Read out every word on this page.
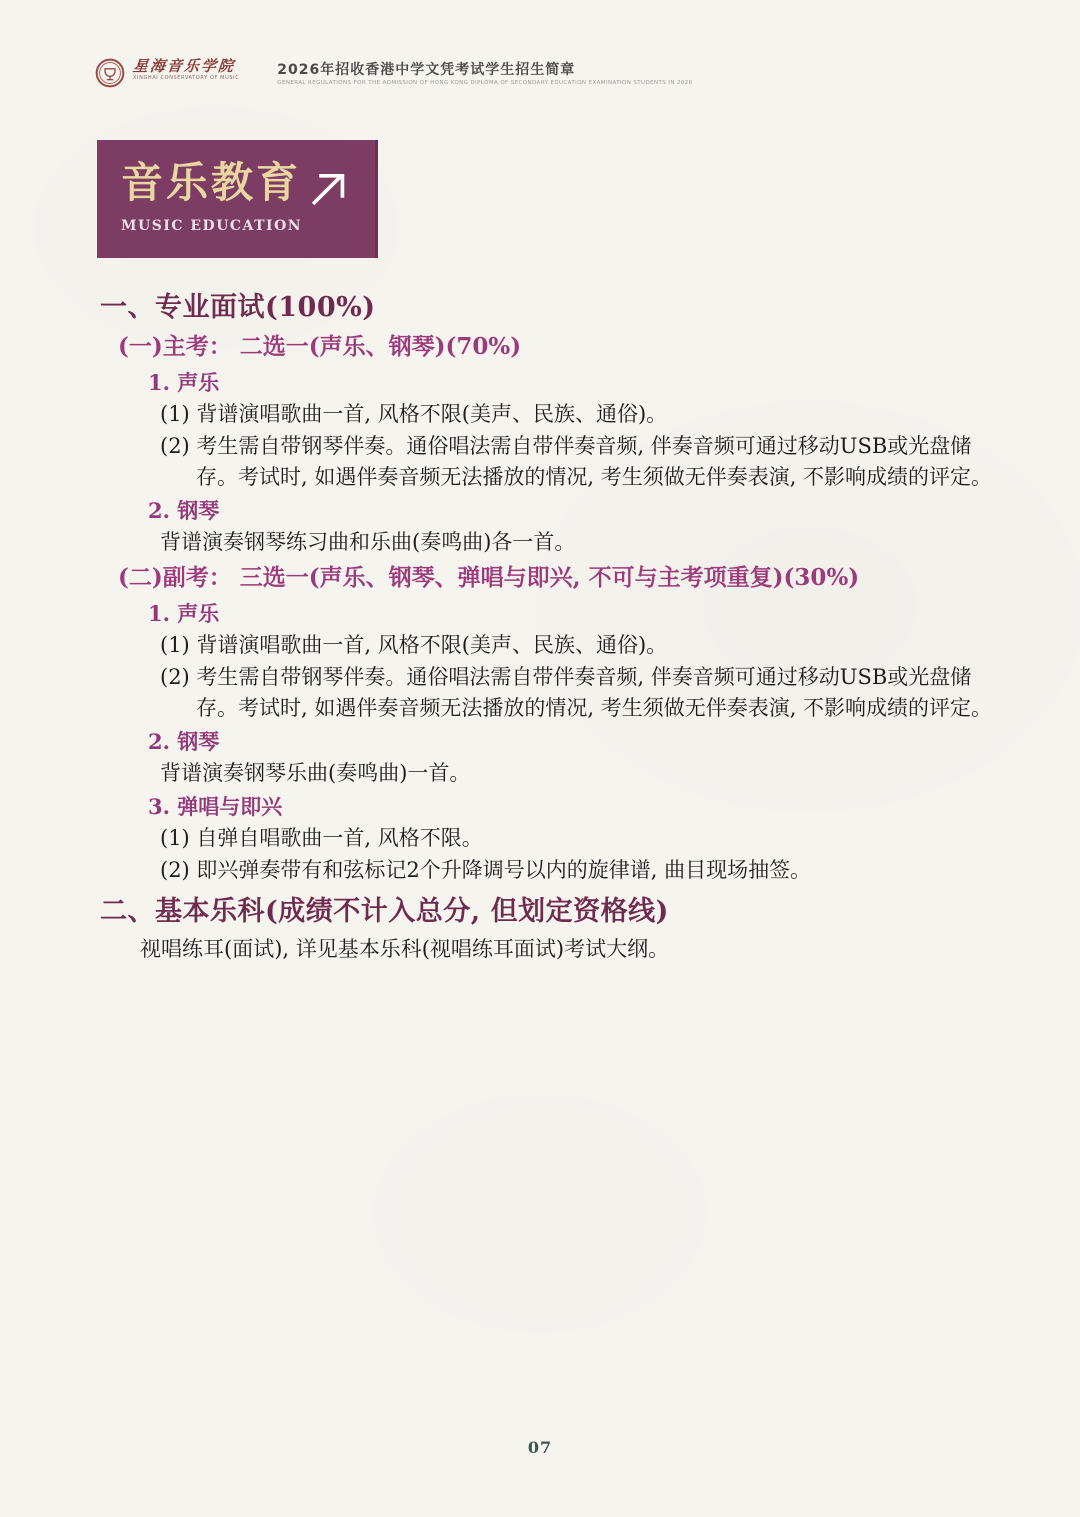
星海音乐学院
XINGHAI CONSERVATORY OF MUSIC	2026年招收香港中学文凭考试学生招生简章
GENERAL REGULATIONS FOR THE ADMISSION OF HONG KONG DIPLOMA OF SECONDARY EDUCATION EXAMINATION STUDENTS IN 2026
音乐教育
MUSIC EDUCATION
一、专业面试(100%)
(一)主考： 二选一(声乐、钢琴)(70%)
1. 声乐
(1) 背谱演唱歌曲一首, 风格不限(美声、民族、通俗)。
(2) 考生需自带钢琴伴奏。通俗唱法需自带伴奏音频, 伴奏音频可通过移动USB或光盘储存。考试时, 如遇伴奏音频无法播放的情况, 考生须做无伴奏表演, 不影响成绩的评定。
2. 钢琴
背谱演奏钢琴练习曲和乐曲(奏鸣曲)各一首。
(二)副考： 三选一(声乐、钢琴、弹唱与即兴, 不可与主考项重复)(30%)
1. 声乐
(1) 背谱演唱歌曲一首, 风格不限(美声、民族、通俗)。
(2) 考生需自带钢琴伴奏。通俗唱法需自带伴奏音频, 伴奏音频可通过移动USB或光盘储存。考试时, 如遇伴奏音频无法播放的情况, 考生须做无伴奏表演, 不影响成绩的评定。
2. 钢琴
背谱演奏钢琴乐曲(奏鸣曲)一首。
3. 弹唱与即兴
(1) 自弹自唱歌曲一首, 风格不限。
(2) 即兴弹奏带有和弦标记2个升降调号以内的旋律谱, 曲目现场抽签。
二、基本乐科(成绩不计入总分, 但划定资格线)
视唱练耳(面试), 详见基本乐科(视唱练耳面试)考试大纲。
07
